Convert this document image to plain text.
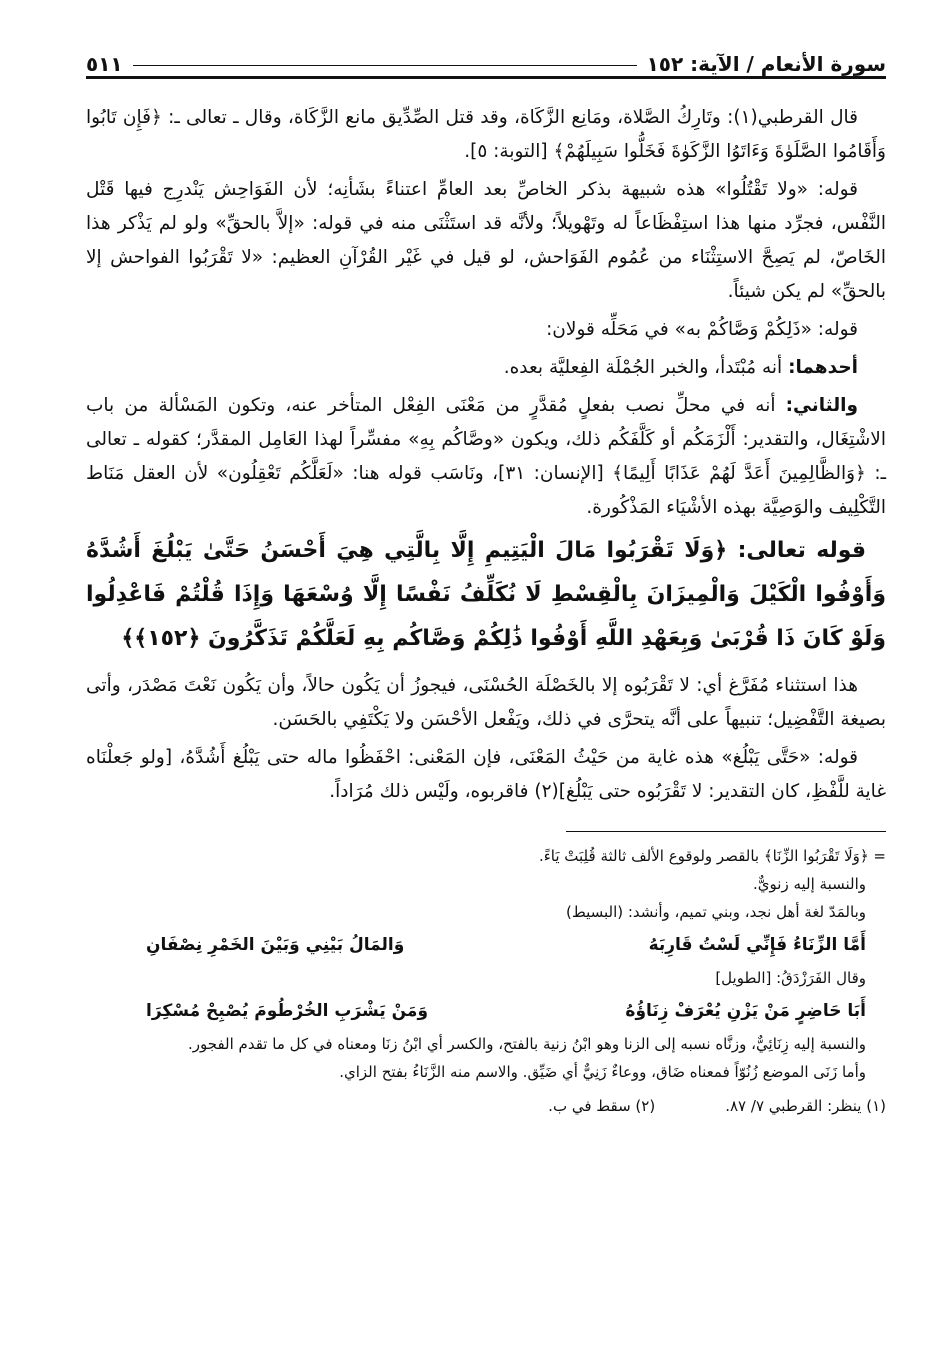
سورة الأنعام / الآية: ١٥٢
٥١١

قال القرطبي(١): وتَارِكُ الصَّلاة، ومَانِع الزَّكَاة، وقد قتل الصِّدِّيق مانع الزَّكَاة، وقال ـ تعالى ـ: ﴿فَإِن تَابُوا وَأَقَامُوا الصَّلَوٰةَ وَءَاتَوُا الزَّكَوٰةَ فَخَلُّوا سَبِيلَهُمْ﴾ [التوبة: ٥].

قوله: «ولا تَقْتُلُوا» هذه شبيهة بذكر الخاصِّ بعد العامِّ اعتناءً بشَأنِه؛ لأن الفَوَاحِش يَنْدرِج فيها قَتْل النَّفْس، فجرِّد منها هذا استِفْظَاعاً له وتَهْويلاً؛ ولأنَّه قد استَثْنَى منه في قوله: «إلاَّ بالحقِّ» ولو لم يَذْكر هذا الخَاصّ، لم يَصِحَّ الاستِثْنَاء من عُمُوم الفَوَاحش، لو قيل في غَيْر القُرْآنِ العظيم: «لا تَقْرَبُوا الفواحش إلا بالحقِّ» لم يكن شيئاً.

قوله: «ذَلِكُمْ وَصَّاكُمْ به» في مَحَلِّه قولان:

أحدهما: أنه مُبْتَدأ، والخبر الجُمْلَة الفِعليَّة بعده.

والثاني: أنه في محلِّ نصب بفعلٍ مُقدَّرٍ من مَعْنَى الفِعْل المتأخر عنه، وتكون المَسْألة من باب الاشْتِغَال، والتقدير: أَلْزَمَكُم أو كَلَّفَكُم ذلك، ويكون «وصَّاكُم بِهِ» مفسِّراً لهذا العَامِل المقدَّر؛ كقوله ـ تعالى ـ: ﴿وَالظَّالِمِينَ أَعَدَّ لَهُمْ عَذَابًا أَلِيمًا﴾ [الإنسان: ٣١]، ونَاسَب قوله هنا: «لَعَلَّكُم تَعْقِلُون» لأن العقل مَنَاط التَّكْلِيف والوَصِيَّة بهذه الأشْيَاء المَذْكُورة.

قوله تعالى: ﴿وَلَا تَقْرَبُوا مَالَ الْيَتِيمِ إِلَّا بِالَّتِي هِيَ أَحْسَنُ حَتَّىٰ يَبْلُغَ أَشُدَّهُ وَأَوْفُوا الْكَيْلَ وَالْمِيزَانَ بِالْقِسْطِ لَا نُكَلِّفُ نَفْسًا إِلَّا وُسْعَهَا وَإِذَا قُلْتُمْ فَاعْدِلُوا وَلَوْ كَانَ ذَا قُرْبَىٰ وَبِعَهْدِ اللَّهِ أَوْفُوا ذَٰلِكُمْ وَصَّاكُم بِهِ لَعَلَّكُمْ تَذَكَّرُونَ ﴿١٥٢﴾﴾

هذا استثناء مُفَرَّغ أي: لا تَقْرَبُوه إلا بالخَصْلَة الحُسْنَى، فيجوزُ أن يَكُون حالاً، وأن يَكُون نَعْتَ مَصْدَر، وأتى بصيغة التَّفْضِيل؛ تنبيهاً على أنَّه يتحرَّى في ذلك، ويَفْعل الأحْسَن ولا يَكْتَفِي بالحَسَن.

قوله: «حَتَّى يَبْلُغ» هذه غاية من حَيْثُ المَعْنَى، فإن المَعْنى: احْفَظُوا ماله حتى يَبْلُغ أَشُدَّهُ، [ولو جَعلْنَاه غاية للَّفْظِ، كان التقدير: لا تَقْرَبُوه حتى يَبْلُغ](٢) فاقربوه، ولَيْس ذلك مُرَاداً.

= ﴿وَلَا تَقْرَبُوا الزِّنَا﴾ بالقصر ولوقوع الألف ثالثة قُلِبَتْ يَاءً.

والنسبة إليه زنويٌّ.

وبالمَدّ لغة أهل نجد، وبني تميم، وأنشد: (البسيط)

أَمَّا الزِّنَاءُ فَإِنِّي لَسْتُ قَارِبَهُ
وَالمَالُ بَيْنِي وَبَيْنَ الخَمْرِ نِصْفَانِ

وقال الفَرَزْدَقُ: [الطويل]

أَبَا حَاضِرٍ مَنْ يَزْنِ يُعْرَفْ زِنَاؤُهُ
وَمَنْ يَشْرَبِ الخُرْطُومَ يُصْبِحْ مُسْكِرَا

والنسبة إليه زِنَائِيٌّ، وزنَّاه نسبه إلى الزنا وهو ابْنُ زنية بالفتح، والكسر أي ابْنُ زنَا ومعناه في كل ما تقدم الفجور.

وأما زَنَى الموضع زُنُوّاً فمعناه ضَاق، ووعاءٌ زَنِيٌّ أي ضَيِّق. والاسم منه الزَّنَاءُ بفتح الزاي.

(١) ينظر: القرطبي ٧/ ٨٧.
(٢) سقط في ب.
